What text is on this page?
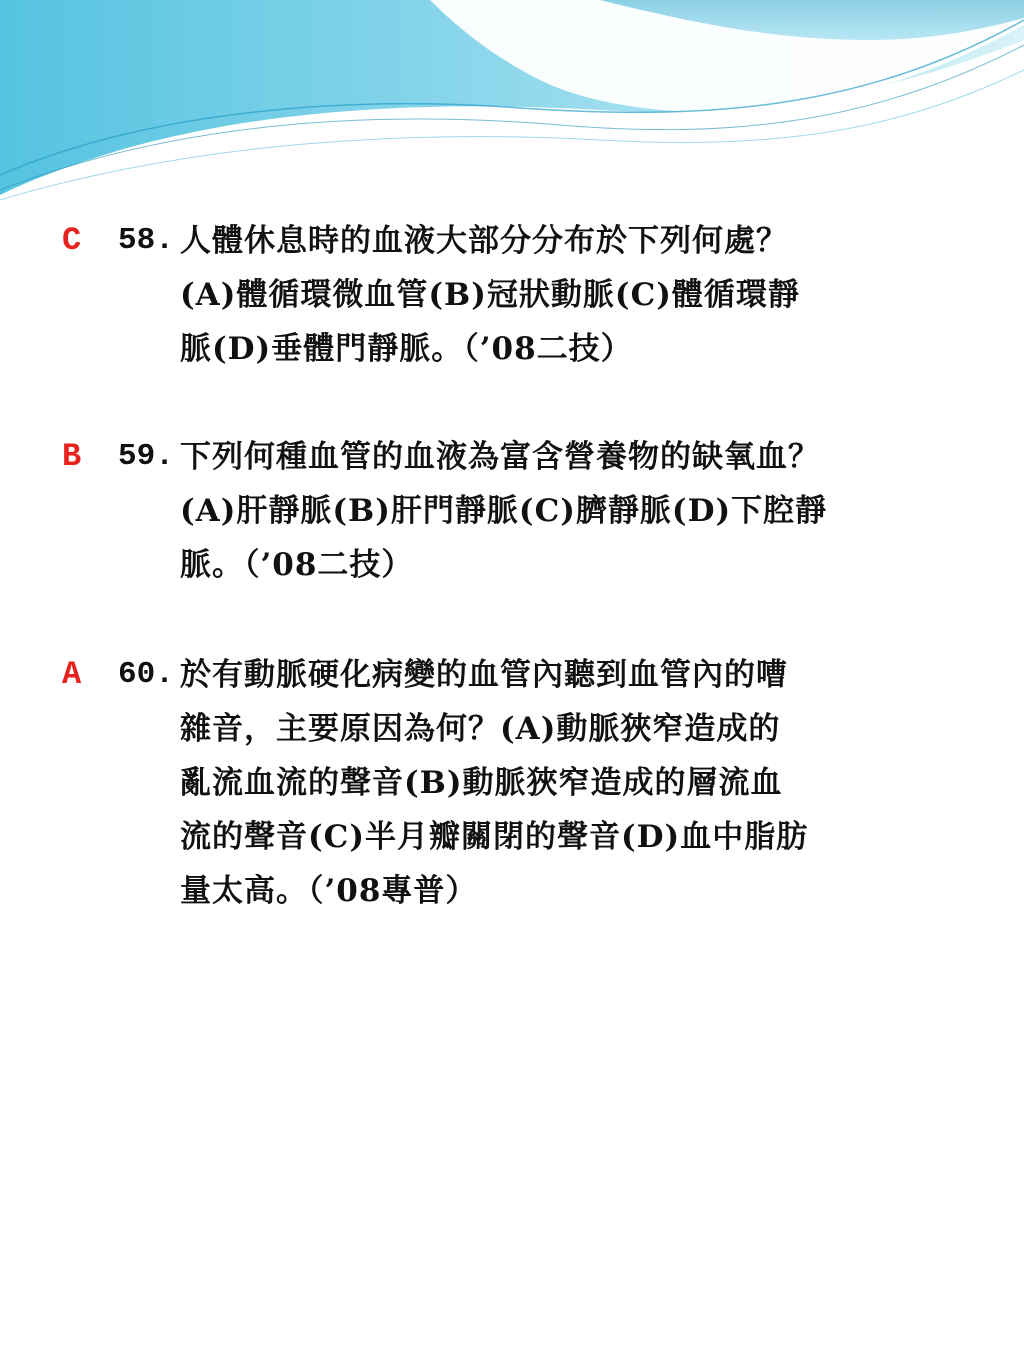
C	58. 人體休息時的血液大部分分布於下列何處？
(A)體循環微血管(B)冠狀動脈(C)體循環靜
脈(D)垂體門靜脈。（’08二技）
B	59. 下列何種血管的血液為富含營養物的缺氧血？
(A)肝靜脈(B)肝門靜脈(C)臍靜脈(D)下腔靜
脈。（’08二技）
A	60. 於有動脈硬化病變的血管內聽到血管內的嘈
雜音，主要原因為何？(A)動脈狹窄造成的
亂流血流的聲音(B)動脈狹窄造成的層流血
流的聲音(C)半月瓣關閉的聲音(D)血中脂肪
量太高。（’08專普）
